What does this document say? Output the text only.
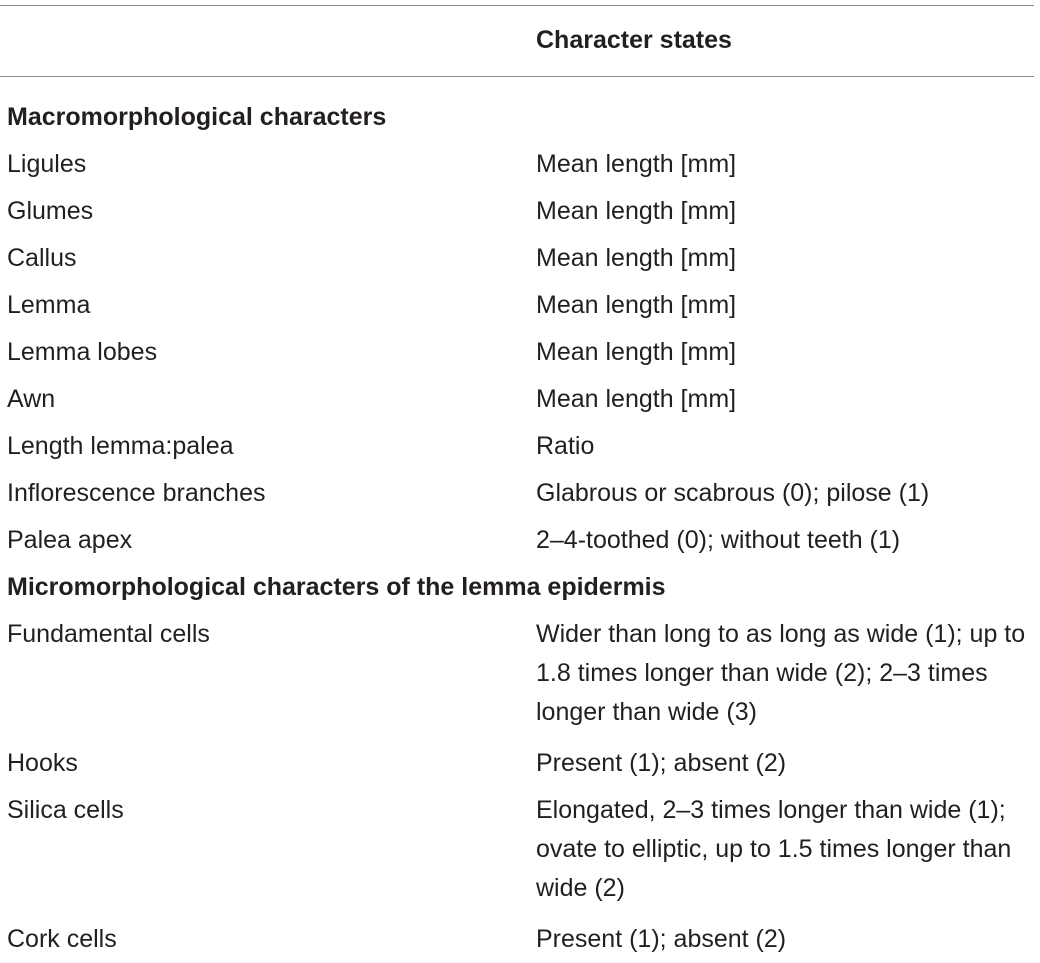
Character states
Macromorphological characters
Ligules	Mean length [mm]
Glumes	Mean length [mm]
Callus	Mean length [mm]
Lemma	Mean length [mm]
Lemma lobes	Mean length [mm]
Awn	Mean length [mm]
Length lemma:palea	Ratio
Inflorescence branches	Glabrous or scabrous (0); pilose (1)
Palea apex	2–4-toothed (0); without teeth (1)
Micromorphological characters of the lemma epidermis
Fundamental cells	Wider than long to as long as wide (1); up to 1.8 times longer than wide (2); 2–3 times longer than wide (3)
Hooks	Present (1); absent (2)
Silica cells	Elongated, 2–3 times longer than wide (1); ovate to elliptic, up to 1.5 times longer than wide (2)
Cork cells	Present (1); absent (2)
